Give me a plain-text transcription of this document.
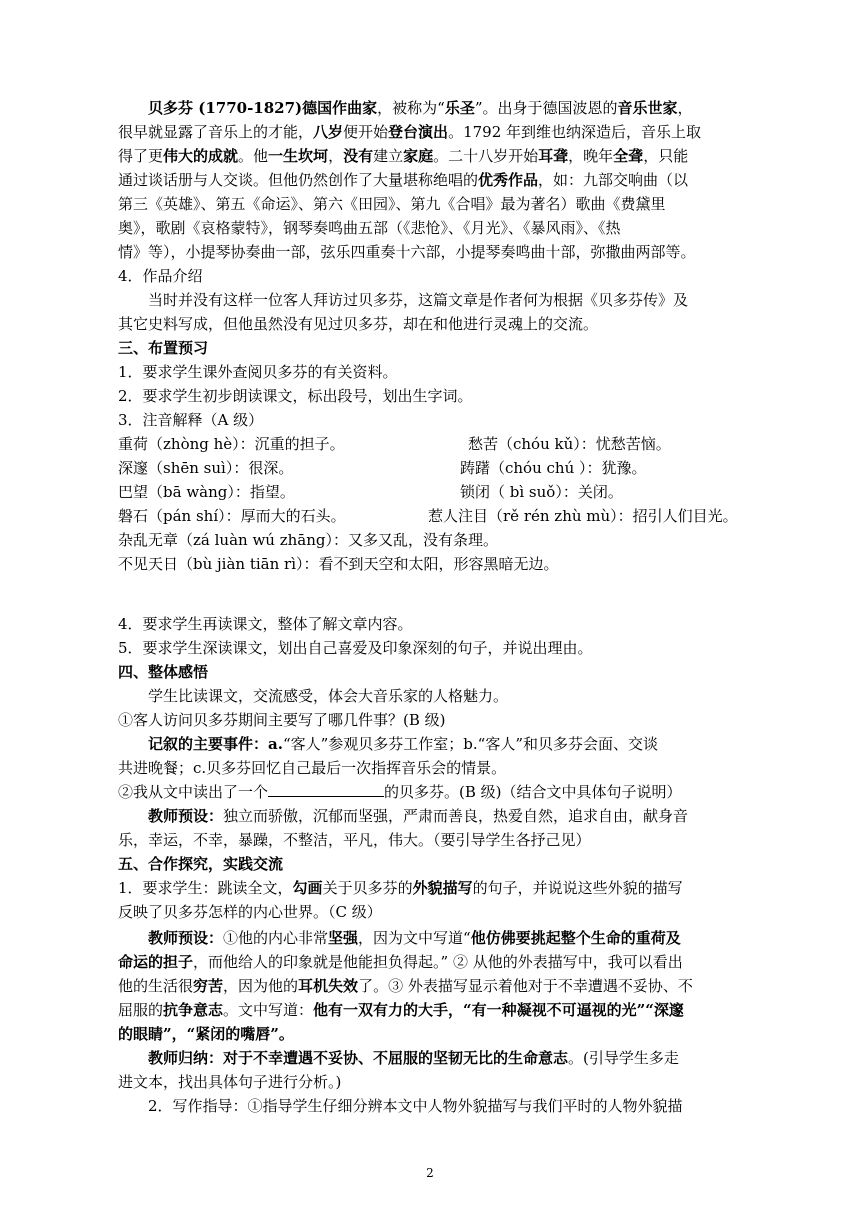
贝多芬 (1770-1827)德国作曲家，被称为“乐圣”。出身于德国波恩的音乐世家，
很早就显露了音乐上的才能，八岁便开始登台演出。1792 年到维也纳深造后，音乐上取
得了更伟大的成就。他一生坎坷，没有建立家庭。二十八岁开始耳聋，晚年全聋，只能
通过谈话册与人交谈。但他仍然创作了大量堪称绝唱的优秀作品，如：九部交响曲（以
第三《英雄》、第五《命运》、第六《田园》、第九《合唱》最为著名）歌曲《费黛里
奥》，歌剧《哀格蒙特》，钢琴奏鸣曲五部（《悲怆》、《月光》、《暴风雨》、《热
情》等），小提琴协奏曲一部，弦乐四重奏十六部，小提琴奏鸣曲十部，弥撒曲两部等。
4．作品介绍
当时并没有这样一位客人拜访过贝多芬，这篇文章是作者何为根据《贝多芬传》及
其它史料写成，但他虽然没有见过贝多芬，却在和他进行灵魂上的交流。
三、布置预习
1．要求学生课外查阅贝多芬的有关资料。
2．要求学生初步朗读课文，标出段号，划出生字词。
3．注音解释（A 级）
重荷（zhòng hè）：沉重的担子。	愁苦（chóu kǔ）：忧愁苦恼。
深邃（shēn suì）：很深。	踌躇（chóu chú ）：犹豫。
巴望（bā wàng）：指望。	锁闭（ bì suǒ）：关闭。
磐石（pán shí）：厚而大的石头。	惹人注目（rě rén zhù mù）：招引人们目光。
杂乱无章（zá luàn wú zhāng）：又多又乱，没有条理。
不见天日（bù jiàn tiān rì）：看不到天空和太阳，形容黑暗无边。
4．要求学生再读课文，整体了解文章内容。
5．要求学生深读课文，划出自己喜爱及印象深刻的句子，并说出理由。
四、整体感悟
学生比读课文，交流感受，体会大音乐家的人格魅力。
①客人访问贝多芬期间主要写了哪几件事？(B 级)
记叙的主要事件：a.“客人”参观贝多芬工作室；b.“客人”和贝多芬会面、交谈
共进晚餐；c.贝多芬回忆自己最后一次指挥音乐会的情景。
②我从文中读出了一个	的贝多芬。(B 级)（结合文中具体句子说明）
教师预设：独立而骄傲，沉郁而坚强，严肃而善良，热爱自然，追求自由，献身音
乐，幸运，不幸，暴躁，不整洁，平凡，伟大。（要引导学生各抒己见）
五、合作探究，实践交流
1．要求学生：跳读全文，勾画关于贝多芬的外貌描写的句子，并说说这些外貌的描写
反映了贝多芬怎样的内心世界。（C 级）
教师预设：①他的内心非常坚强，因为文中写道“他仿佛要挑起整个生命的重荷及
命运的担子，而他给人的印象就是他能担负得起。” ② 从他的外表描写中，我可以看出
他的生活很穷苦，因为他的耳机失效了。③ 外表描写显示着他对于不幸遭遇不妥协、不
屈服的抗争意志。文中写道：他有一双有力的大手，“有一种凝视不可逼视的光”“深邃
的眼睛”，“紧闭的嘴唇”。
教师归纳：对于不幸遭遇不妥协、不屈服的坚韧无比的生命意志。(引导学生多走
进文本，找出具体句子进行分析。)
2．写作指导：①指导学生仔细分辨本文中人物外貌描写与我们平时的人物外貌描
2
